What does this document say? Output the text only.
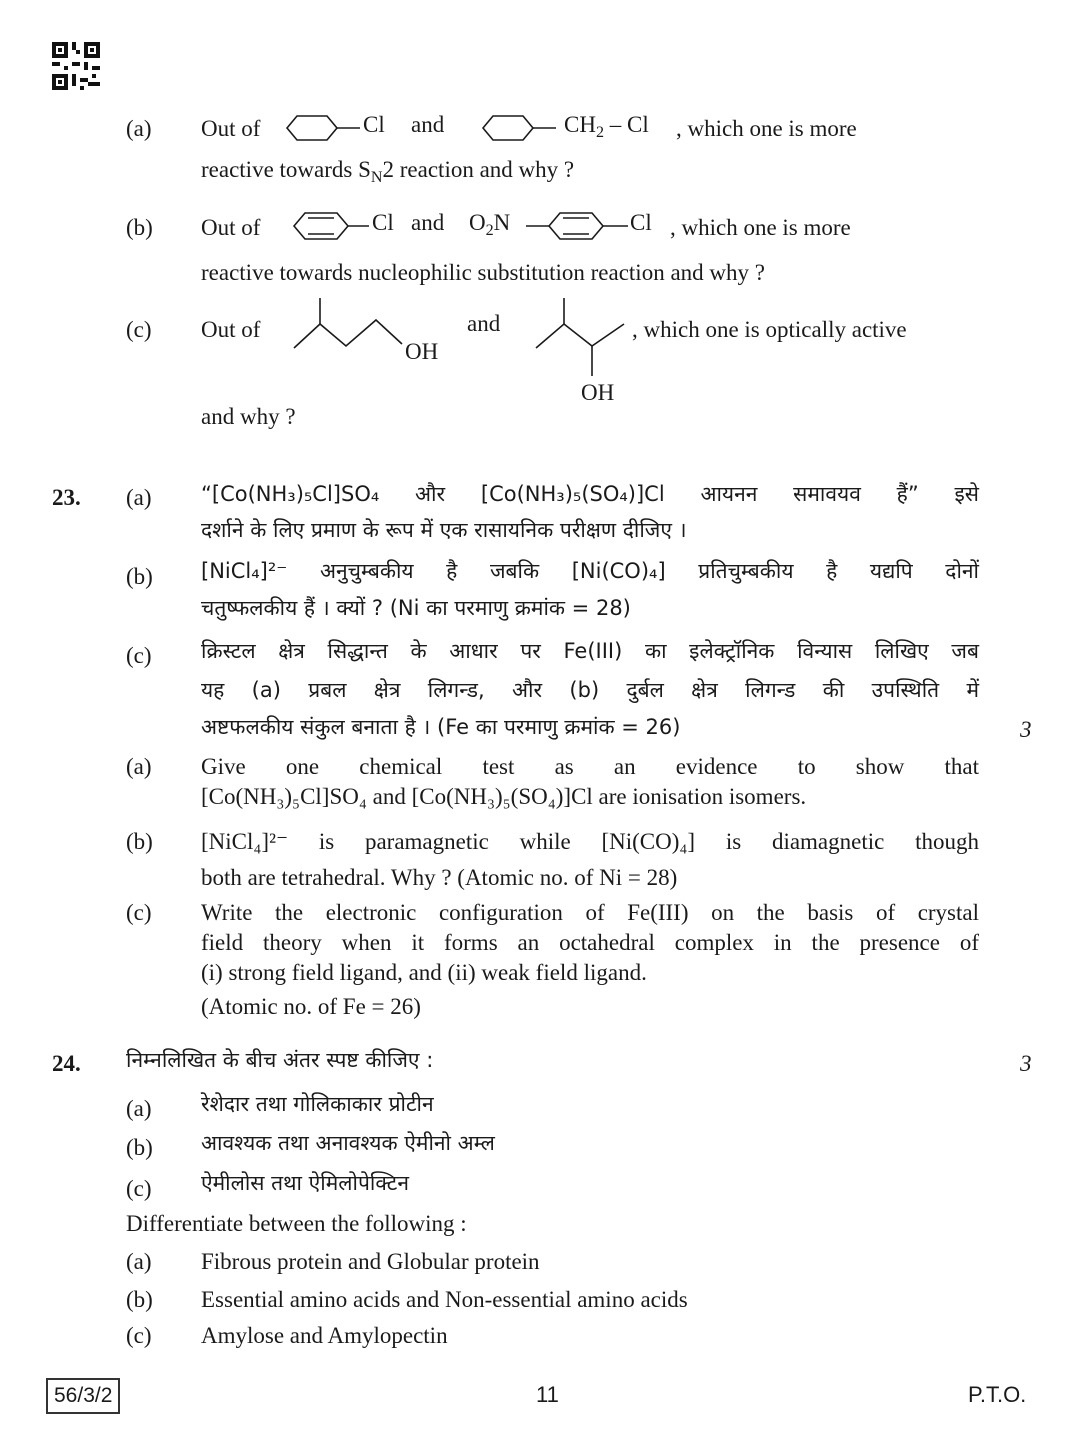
(a) Out of	Cl and	$CH_2$ – Cl , which one is more
reactive towards $S_N2$ reaction and why ?
(b) Out of	Cl and $O_2N$	Cl , which one is more
reactive towards nucleophilic substitution reaction and why ?
(c) Out of
OH
and
OH
, which one is optically active
and why ?
23. (a) “[Co(NH₃)₅Cl]SO₄ और [Co(NH₃)₅(SO₄)]Cl आयनन समावयव हैं” इसे
दर्शाने के लिए प्रमाण के रूप में एक रासायनिक परीक्षण दीजिए ।
(b) [NiCl₄]²⁻ अनुचुम्बकीय है जबकि [Ni(CO)₄] प्रतिचुम्बकीय है यद्यपि दोनों
चतुष्फलकीय हैं । क्यों ? (Ni का परमाणु क्रमांक = 28)
(c) क्रिस्टल क्षेत्र सिद्धान्त के आधार पर Fe(III) का इलेक्ट्रॉनिक विन्यास लिखिए जब
यह (a) प्रबल क्षेत्र लिगन्ड, और (b) दुर्बल क्षेत्र लिगन्ड की उपस्थिति में
अष्टफलकीय संकुल बनाता है । (Fe का परमाणु क्रमांक = 26)	3
(a) Give one chemical test as an evidence to show that
[Co(NH₃)₅Cl]SO₄ and [Co(NH₃)₅(SO₄)]Cl are ionisation isomers.
(b) [NiCl₄]²⁻ is paramagnetic while [Ni(CO)₄] is diamagnetic though
both are tetrahedral. Why ? (Atomic no. of Ni = 28)
(c) Write the electronic configuration of Fe(III) on the basis of crystal
field theory when it forms an octahedral complex in the presence of
(i) strong field ligand, and (ii) weak field ligand.
(Atomic no. of Fe = 26)
24. निम्नलिखित के बीच अंतर स्पष्ट कीजिए :	3
(a) रेशेदार तथा गोलिकाकार प्रोटीन
(b) आवश्यक तथा अनावश्यक ऐमीनो अम्ल
(c) ऐमीलोस तथा ऐमिलोपेक्टिन
Differentiate between the following :
(a) Fibrous protein and Globular protein
(b) Essential amino acids and Non-essential amino acids
(c) Amylose and Amylopectin
56/3/2	11	P.T.O.
